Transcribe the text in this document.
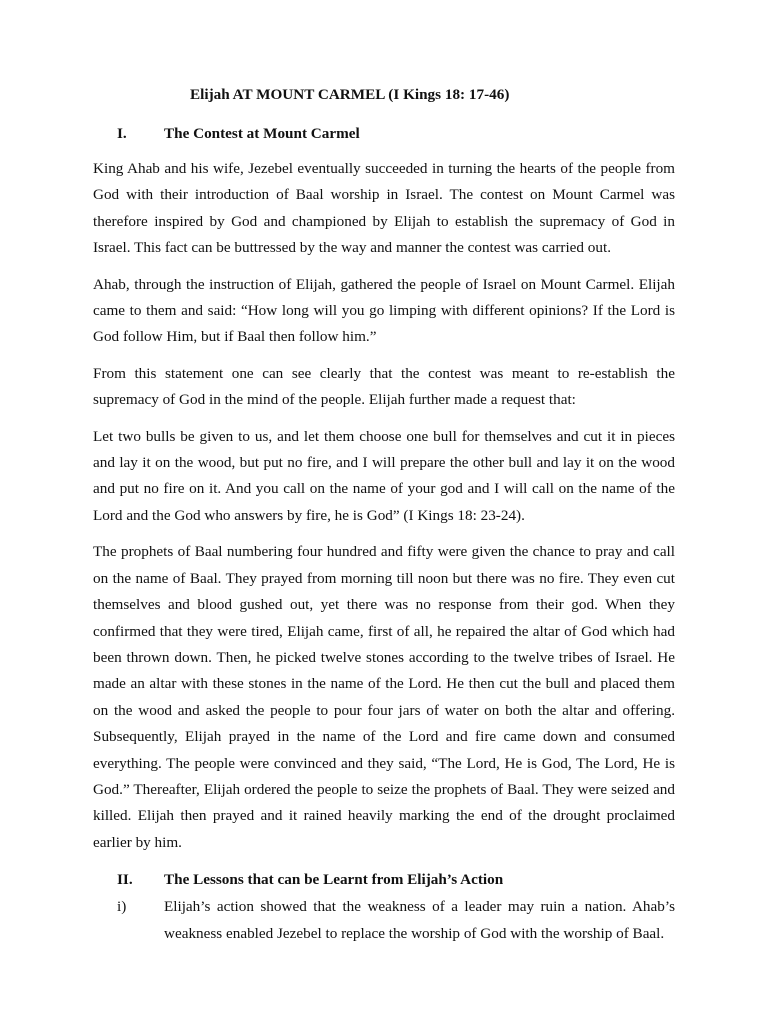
Elijah AT MOUNT CARMEL (I Kings 18: 17-46)
I.	The Contest at Mount Carmel

King Ahab and his wife, Jezebel eventually succeeded in turning the hearts of the people from God with their introduction of Baal worship in Israel. The contest on Mount Carmel was therefore inspired by God and championed by Elijah to establish the supremacy of God in Israel. This fact can be buttressed by the way and manner the contest was carried out.

Ahab, through the instruction of Elijah, gathered the people of Israel on Mount Carmel. Elijah came to them and said: “How long will you go limping with different opinions? If the Lord is God follow Him, but if Baal then follow him.”

From this statement one can see clearly that the contest was meant to re-establish the supremacy of God in the mind of the people. Elijah further made a request that:

Let two bulls be given to us, and let them choose one bull for themselves and cut it in pieces and lay it on the wood, but put no fire, and I will prepare the other bull and lay it on the wood and put no fire on it. And you call on the name of your god and I will call on the name of the Lord and the God who answers by fire, he is God” (I Kings 18: 23-24).

The prophets of Baal numbering four hundred and fifty were given the chance to pray and call on the name of Baal. They prayed from morning till noon but there was no fire. They even cut themselves and blood gushed out, yet there was no response from their god. When they confirmed that they were tired, Elijah came, first of all, he repaired the altar of God which had been thrown down. Then, he picked twelve stones according to the twelve tribes of Israel. He made an altar with these stones in the name of the Lord. He then cut the bull and placed them on the wood and asked the people to pour four jars of water on both the altar and offering. Subsequently, Elijah prayed in the name of the Lord and fire came down and consumed everything. The people were convinced and they said, “The Lord, He is God, The Lord, He is God.” Thereafter, Elijah ordered the people to seize the prophets of Baal. They were seized and killed. Elijah then prayed and it rained heavily marking the end of the drought proclaimed earlier by him.

II.	The Lessons that can be Learnt from Elijah’s Action
i)	Elijah’s action showed that the weakness of a leader may ruin a nation. Ahab’s weakness enabled Jezebel to replace the worship of God with the worship of Baal.
